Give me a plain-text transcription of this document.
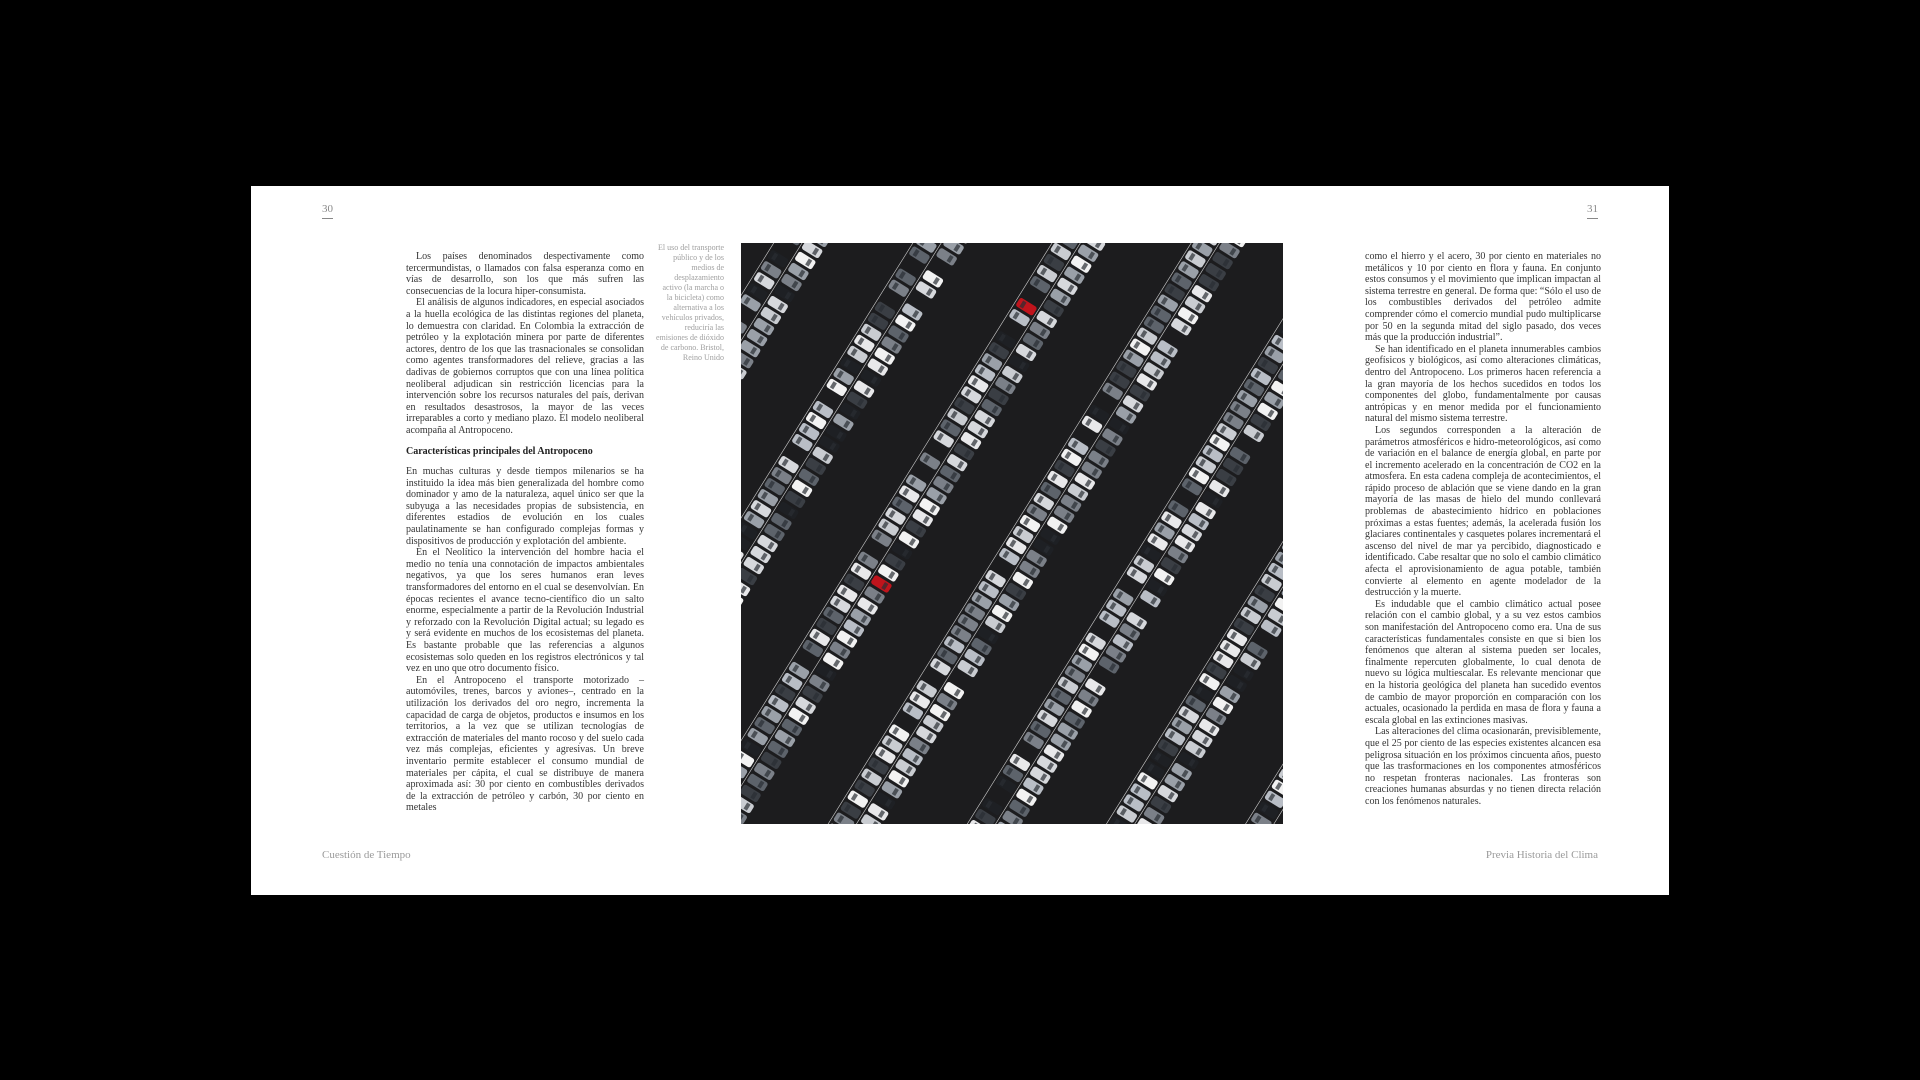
30	31

Los países denominados despectivamente como tercermundistas, o llamados con falsa esperanza como en vías de desarrollo, son los que más sufren las consecuencias de la locura hiper-consumista.

El análisis de algunos indicadores, en especial asociados a la huella ecológica de las distintas regiones del planeta, lo demuestra con claridad. En Colombia la extracción de petróleo y la explotación minera por parte de diferentes actores, dentro de los que las trasnacionales se consolidan como agentes transformadores del relieve, gracias a las dadivas de gobiernos corruptos que con una línea política neoliberal adjudican sin restricción licencias para la intervención sobre los recursos naturales del país, derivan en resultados desastrosos, la mayor de las veces irreparables a corto y mediano plazo. El modelo neoliberal acompaña al Antropoceno.

Características principales del Antropoceno

En muchas culturas y desde tiempos milenarios se ha instituido la idea más bien generalizada del hombre como dominador y amo de la naturaleza, aquel único ser que la subyuga a las necesidades propias de subsistencia, en diferentes estadios de evolución en los cuales paulatinamente se han configurado complejas formas y dispositivos de producción y explotación del ambiente.

En el Neolítico la intervención del hombre hacia el medio no tenía una connotación de impactos ambientales negativos, ya que los seres humanos eran leves transformadores del entorno en el cual se desenvolvían. En épocas recientes el avance tecno-científico dio un salto enorme, especialmente a partir de la Revolución Industrial y reforzado con la Revolución Digital actual; su legado es y será evidente en muchos de los ecosistemas del planeta. Es bastante probable que las referencias a algunos ecosistemas solo queden en los registros electrónicos y tal vez en uno que otro documento físico.

En el Antropoceno el transporte motorizado –automóviles, trenes, barcos y aviones–, centrado en la utilización los derivados del oro negro, incrementa la capacidad de carga de objetos, productos e insumos en los territorios, a la vez que se utilizan tecnologías de extracción de materiales del manto rocoso y del suelo cada vez más complejas, eficientes y agresivas. Un breve inventario permite establecer el consumo mundial de materiales per cápita, el cual se distribuye de manera aproximada así: 30 por ciento en combustibles derivados de la extracción de petróleo y carbón, 30 por ciento en metales

El uso del transporte público y de los medios de desplazamiento activo (la marcha o la bicicleta) como alternativa a los vehículos privados, reduciría las emisiones de dióxido de carbono. Bristol, Reino Unido

como el hierro y el acero, 30 por ciento en materiales no metálicos y 10 por ciento en flora y fauna. En conjunto estos consumos y el movimiento que implican impactan al sistema terrestre en general. De forma que: “Sólo el uso de los combustibles derivados del petróleo admite comprender cómo el comercio mundial pudo multiplicarse por 50 en la segunda mitad del siglo pasado, dos veces más que la producción industrial”.

Se han identificado en el planeta innumerables cambios geofísicos y biológicos, así como alteraciones climáticas, dentro del Antropoceno. Los primeros hacen referencia a la gran mayoría de los hechos sucedidos en todos los componentes del globo, fundamentalmente por causas antrópicas y en menor medida por el funcionamiento natural del mismo sistema terrestre.

Los segundos corresponden a la alteración de parámetros atmosféricos e hidro-meteorológicos, así como de variación en el balance de energía global, en parte por el incremento acelerado en la concentración de CO2 en la atmosfera. En esta cadena compleja de acontecimientos, el rápido proceso de ablación que se viene dando en la gran mayoría de las masas de hielo del mundo conllevará problemas de abastecimiento hídrico en poblaciones próximas a estas fuentes; además, la acelerada fusión los glaciares continentales y casquetes polares incrementará el ascenso del nivel de mar ya percibido, diagnosticado e identificado. Cabe resaltar que no solo el cambio climático afecta el aprovisionamiento de agua potable, también convierte al elemento en agente modelador de la destrucción y la muerte.

Es indudable que el cambio climático actual posee relación con el cambio global, y a su vez estos cambios son manifestación del Antropoceno como era. Una de sus características fundamentales consiste en que si bien los fenómenos que alteran al sistema pueden ser locales, finalmente repercuten globalmente, lo cual denota de nuevo su lógica multiescalar. Es relevante mencionar que en la historia geológica del planeta han sucedido eventos de cambio de mayor proporción en comparación con los actuales, ocasionado la perdida en masa de flora y fauna a escala global en las extinciones masivas.

Las alteraciones del clima ocasionarán, previsiblemente, que el 25 por ciento de las especies existentes alcancen esa peligrosa situación en los próximos cincuenta años, puesto que las trasformaciones en los componentes atmosféricos no respetan fronteras nacionales. Las fronteras son creaciones humanas absurdas y no tienen directa relación con los fenómenos naturales.

Cuestión de Tiempo	Previa Historia del Clima
